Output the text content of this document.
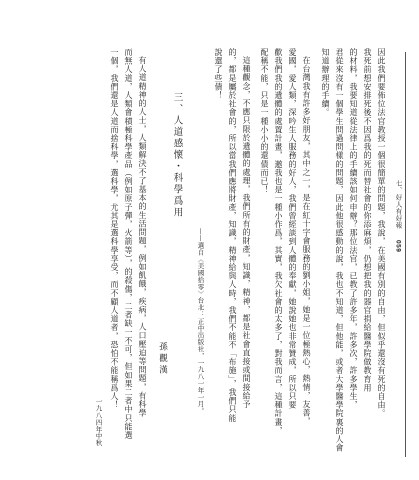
七、好人有好報
059
因此我們要佈位法官教授一個很簡單的問題，我說，在美國有別的自由，但似乎還沒有死的自由。
我死前想安排死後不因爲我的死而替社會的你添麻煩，仍想把我的器官捐給醫學院做教育用
的材料，我要知道從法律上的手續該如何申辦？那位法官，已教了許多年，許多次，許多學生，
君從來沒有一個學生問過問樣的問題，因此他很感動的說，我也不知道，但他能，或者大學醫學院裏的人會
知道辦理的手續。
在台灣我有許多好朋友，其中之一，是在紅十字會服務的劉小姐，她是一位極熱心，熱情，友善，
愛國，愛人類，深吟生人服務的好人，我們曾經談到人體的奉獻，她說她也非常贊成，所以只要
歡我們我的遺體的處置計畫，邀我也是一種小作爲，其實，我欠社會的太多了，對我而言，這種計畫，
配稱不能，只是一種小小的還債而已！
這種觀念，不應只限於遺體的處理，我們所有的財產，知識，精神，都是社會直接或間接給予
的，都是屬於社會的，所以當我們應將財產，知識，精神給與人時，我們不能不「布施」，我們只能
說還了些債！
——選自〈美國拾零〉台北：正中出版社，一九八一年一月。
三、人道感懷・科學爲用
孫觀漢
有人道精神的人士，人類解決不了基本的生活問題，例如飢餓，疾病，人口壓迫等問題，有科學
而無人道，人類會積極科學產品（例如原子彈，火箭等），的殺傷，二者缺一不可，但如果二者中只能選
一個，我們還是人道而捨科學，選科學，尤其是選科學享受，而不顧人道者，恐怕不能稱爲人！
一九八四年中秋
